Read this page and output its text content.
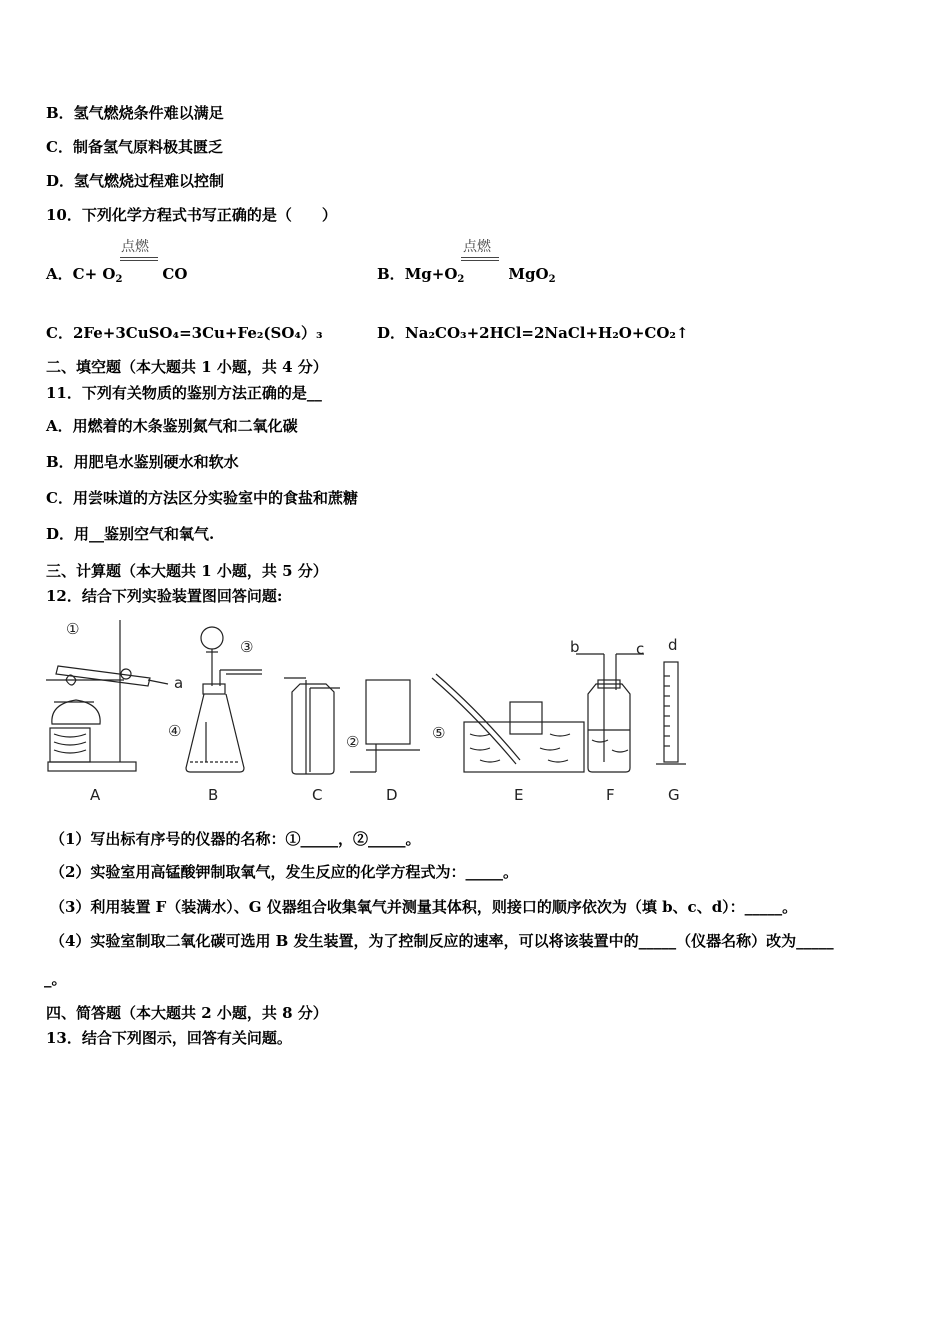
B．氢气燃烧条件难以满足
C．制备氢气原料极其匮乏
D．氢气燃烧过程难以控制
10．下列化学方程式书写正确的是（　　）
点燃
A．$C+ O_2$	CO
点燃
B．$Mg+O_2$	MgO$_2$
C．2Fe+3CuSO₄=3Cu+Fe₂(SO₄）₃	D．Na₂CO₃+2HCl=2NaCl+H₂O+CO₂↑
二、填空题（本大题共 1 小题，共 4 分）
11．下列有关物质的鉴别方法正确的是__
A．用燃着的木条鉴别氮气和二氧化碳
B．用肥皂水鉴别硬水和软水
C．用尝味道的方法区分实验室中的食盐和蔗糖
D．用__鉴别空气和氧气.
三、计算题（本大题共 1 小题，共 5 分）
12．结合下列实验装置图回答问题:
①
②
③
④	⑤
a
b	c d
A	B	C	D	E	F	G
（1）写出标有序号的仪器的名称：①_____，②_____。
（2）实验室用高锰酸钾制取氧气，发生反应的化学方程式为：_____。
（3）利用装置 F（装满水）、G 仪器组合收集氧气并测量其体积，则接口的顺序依次为（填 b、c、d）：_____。
（4）实验室制取二氧化碳可选用 B 发生装置，为了控制反应的速率，可以将该装置中的_____（仪器名称）改为_____
_。
四、简答题（本大题共 2 小题，共 8 分）
13．结合下列图示，回答有关问题。
